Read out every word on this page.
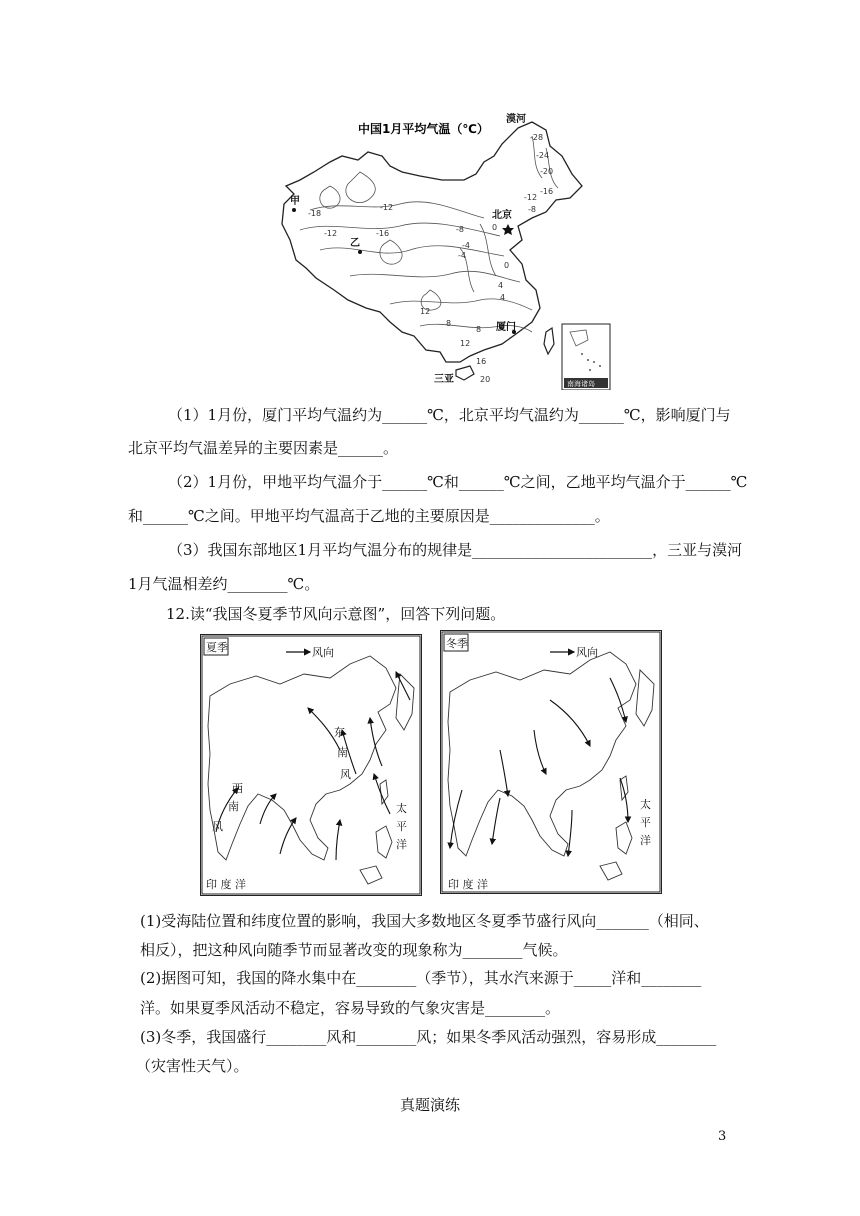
中国1月平均气温（℃）
-28
-24
-20
-16
-12
-8
-4
0
4
8
12
16
20
-18
-12
-16
-12	-8
-4
0
4
8
12
漠河
甲
北京
乙
厦门
三亚	南海诸岛
（1）1月份，厦门平均气温约为______℃，北京平均气温约为______℃，影响厦门与
北京平均气温差异的主要因素是______。
（2）1月份，甲地平均气温介于______℃和______℃之间，乙地平均气温介于______℃
和______℃之间。甲地平均气温高于乙地的主要原因是______________。
（3）我国东部地区1月平均气温分布的规律是________________________，三亚与漠河
1月气温相差约________℃。
12.读“我国冬夏季节风向示意图”，回答下列问题。
夏季	风向
东
南
风
西
南
风
太
平
洋
印 度 洋
冬季
风向
太
平
洋
印 度 洋
(1)受海陆位置和纬度位置的影响，我国大多数地区冬夏季节盛行风向_______（相同、
相反），把这种风向随季节而显著改变的现象称为________气候。
(2)据图可知，我国的降水集中在________（季节），其水汽来源于_____洋和________
洋。如果夏季风活动不稳定，容易导致的气象灾害是________。
(3)冬季，我国盛行________风和________风；如果冬季风活动强烈，容易形成________
（灾害性天气）。
真题演练
3
